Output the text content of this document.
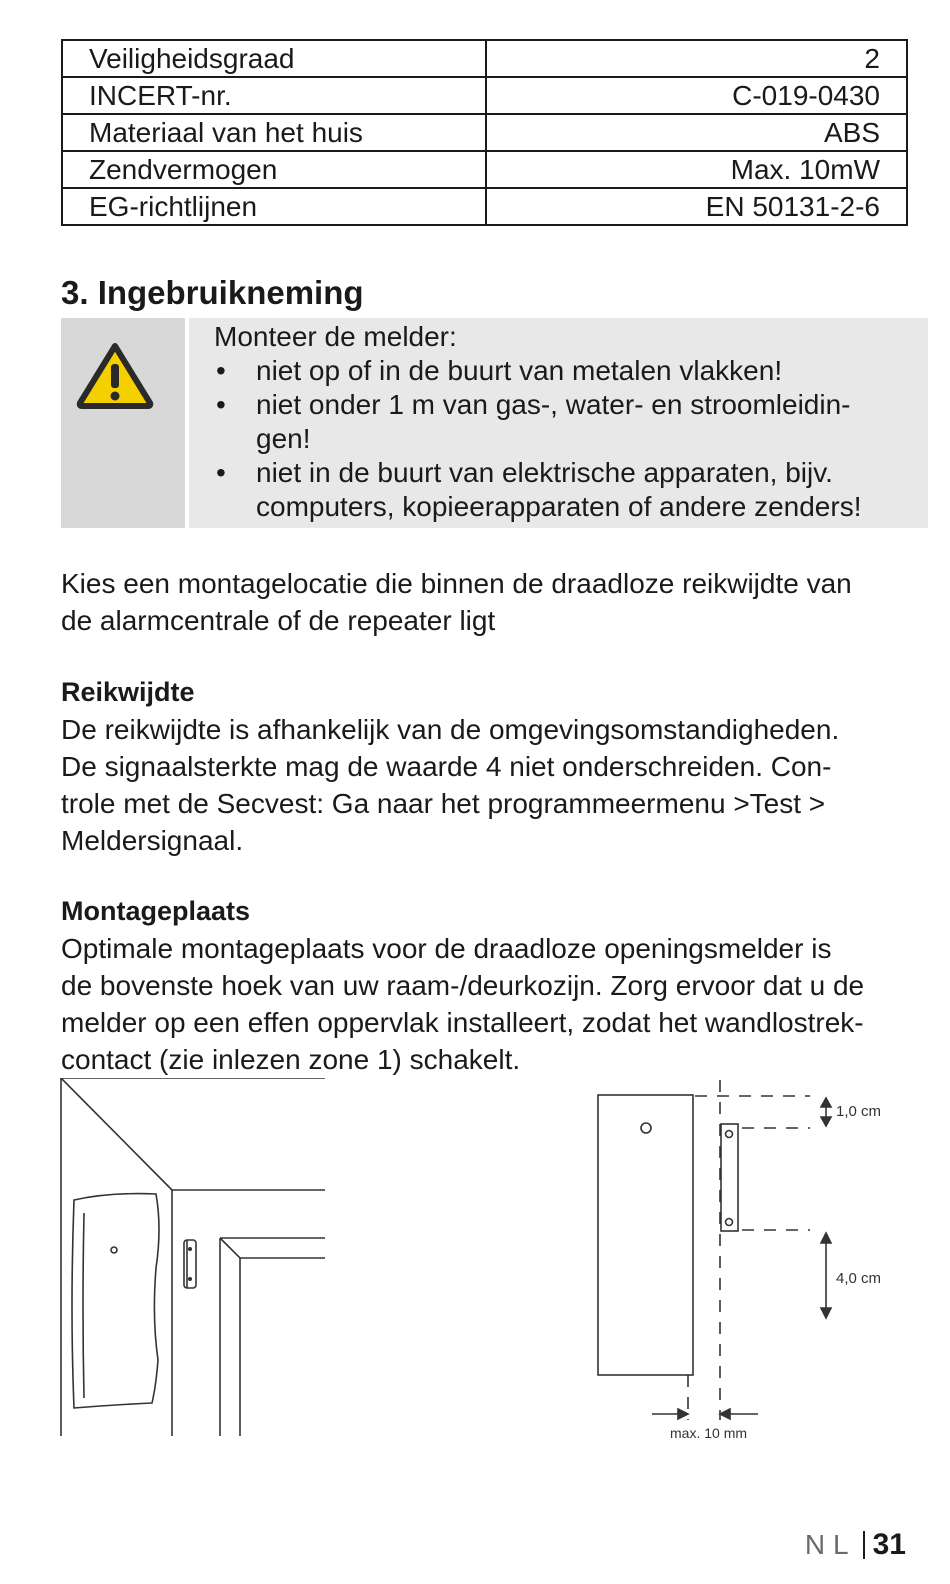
Veiligheidsgraad	2
INCERT-nr.	C-019-0430
Materiaal van het huis	ABS
Zendvermogen	Max. 10mW
EG-richtlijnen	EN 50131-2-6
3. Ingebruikneming
Monteer de melder:
• niet op of in de buurt van metalen vlakken!
• niet onder 1 m van gas-, water- en stroomleidin-
gen!
• niet in de buurt van elektrische apparaten, bijv.
computers, kopieerapparaten of andere zenders!

Kies een montagelocatie die binnen de draadloze reikwijdte van
de alarmcentrale of de repeater ligt

Reikwijdte

De reikwijdte is afhankelijk van de omgevingsomstandigheden.
De signaalsterkte mag de waarde 4 niet onderschreiden. Con-
trole met de Secvest: Ga naar het programmeermenu >Test >
Meldersignaal.

Montageplaats

Optimale montageplaats voor de draadloze openingsmelder is
de bovenste hoek van uw raam-/deurkozijn. Zorg ervoor dat u de
melder op een effen oppervlak installeert, zodat het wandlostrek-
contact (zie inlezen zone 1) schakelt.

1,0 cm
4,0 cm
max. 10 mm
NL 31
